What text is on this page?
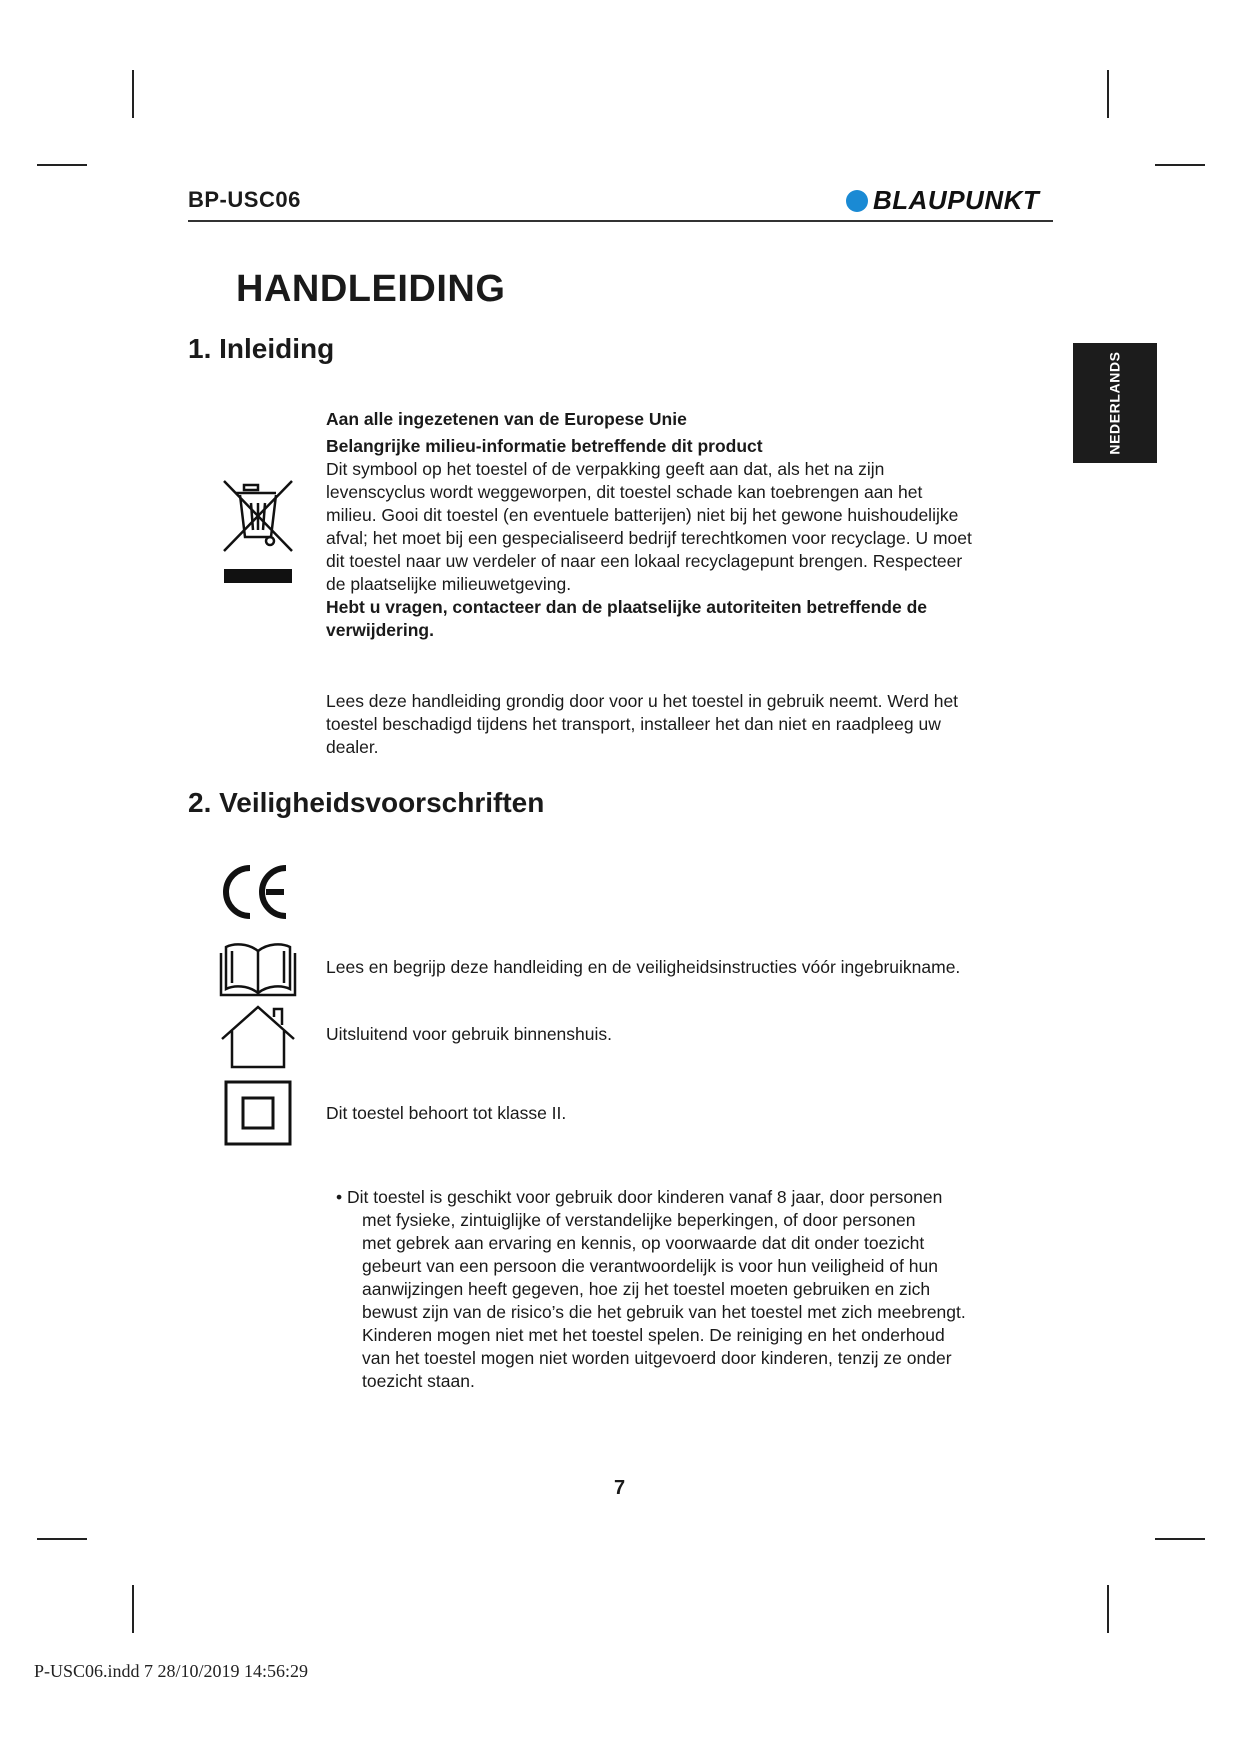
BP-USC06	BLAUPUNKT
NEDERLANDS
HANDLEIDING
1. Inleiding
Aan alle ingezetenen van de Europese Unie
Belangrijke milieu-informatie betreffende dit product
Dit symbool op het toestel of de verpakking geeft aan dat, als het na zijn
levenscyclus wordt weggeworpen, dit toestel schade kan toebrengen aan het
milieu. Gooi dit toestel (en eventuele batterijen) niet bij het gewone huishoudelijke
afval; het moet bij een gespecialiseerd bedrijf terechtkomen voor recyclage. U moet
dit toestel naar uw verdeler of naar een lokaal recyclagepunt brengen. Respecteer
de plaatselijke milieuwetgeving.
Hebt u vragen, contacteer dan de plaatselijke autoriteiten betreffende de
verwijdering.
Lees deze handleiding grondig door voor u het toestel in gebruik neemt. Werd het
toestel beschadigd tijdens het transport, installeer het dan niet en raadpleeg uw
dealer.
2. Veiligheidsvoorschriften
Lees en begrijp deze handleiding en de veiligheidsinstructies vóór ingebruikname.
Uitsluitend voor gebruik binnenshuis.
Dit toestel behoort tot klasse II.

• Dit toestel is geschikt voor gebruik door kinderen vanaf 8 jaar, door personen

met fysieke, zintuiglijke of verstandelijke beperkingen, of door personen

met gebrek aan ervaring en kennis, op voorwaarde dat dit onder toezicht

gebeurt van een persoon die verantwoordelijk is voor hun veiligheid of hun

aanwijzingen heeft gegeven, hoe zij het toestel moeten gebruiken en zich

bewust zijn van de risico’s die het gebruik van het toestel met zich meebrengt.

Kinderen mogen niet met het toestel spelen. De reiniging en het onderhoud

van het toestel mogen niet worden uitgevoerd door kinderen, tenzij ze onder

toezicht staan.

7
P-USC06.indd 7 28/10/2019 14:56:29
